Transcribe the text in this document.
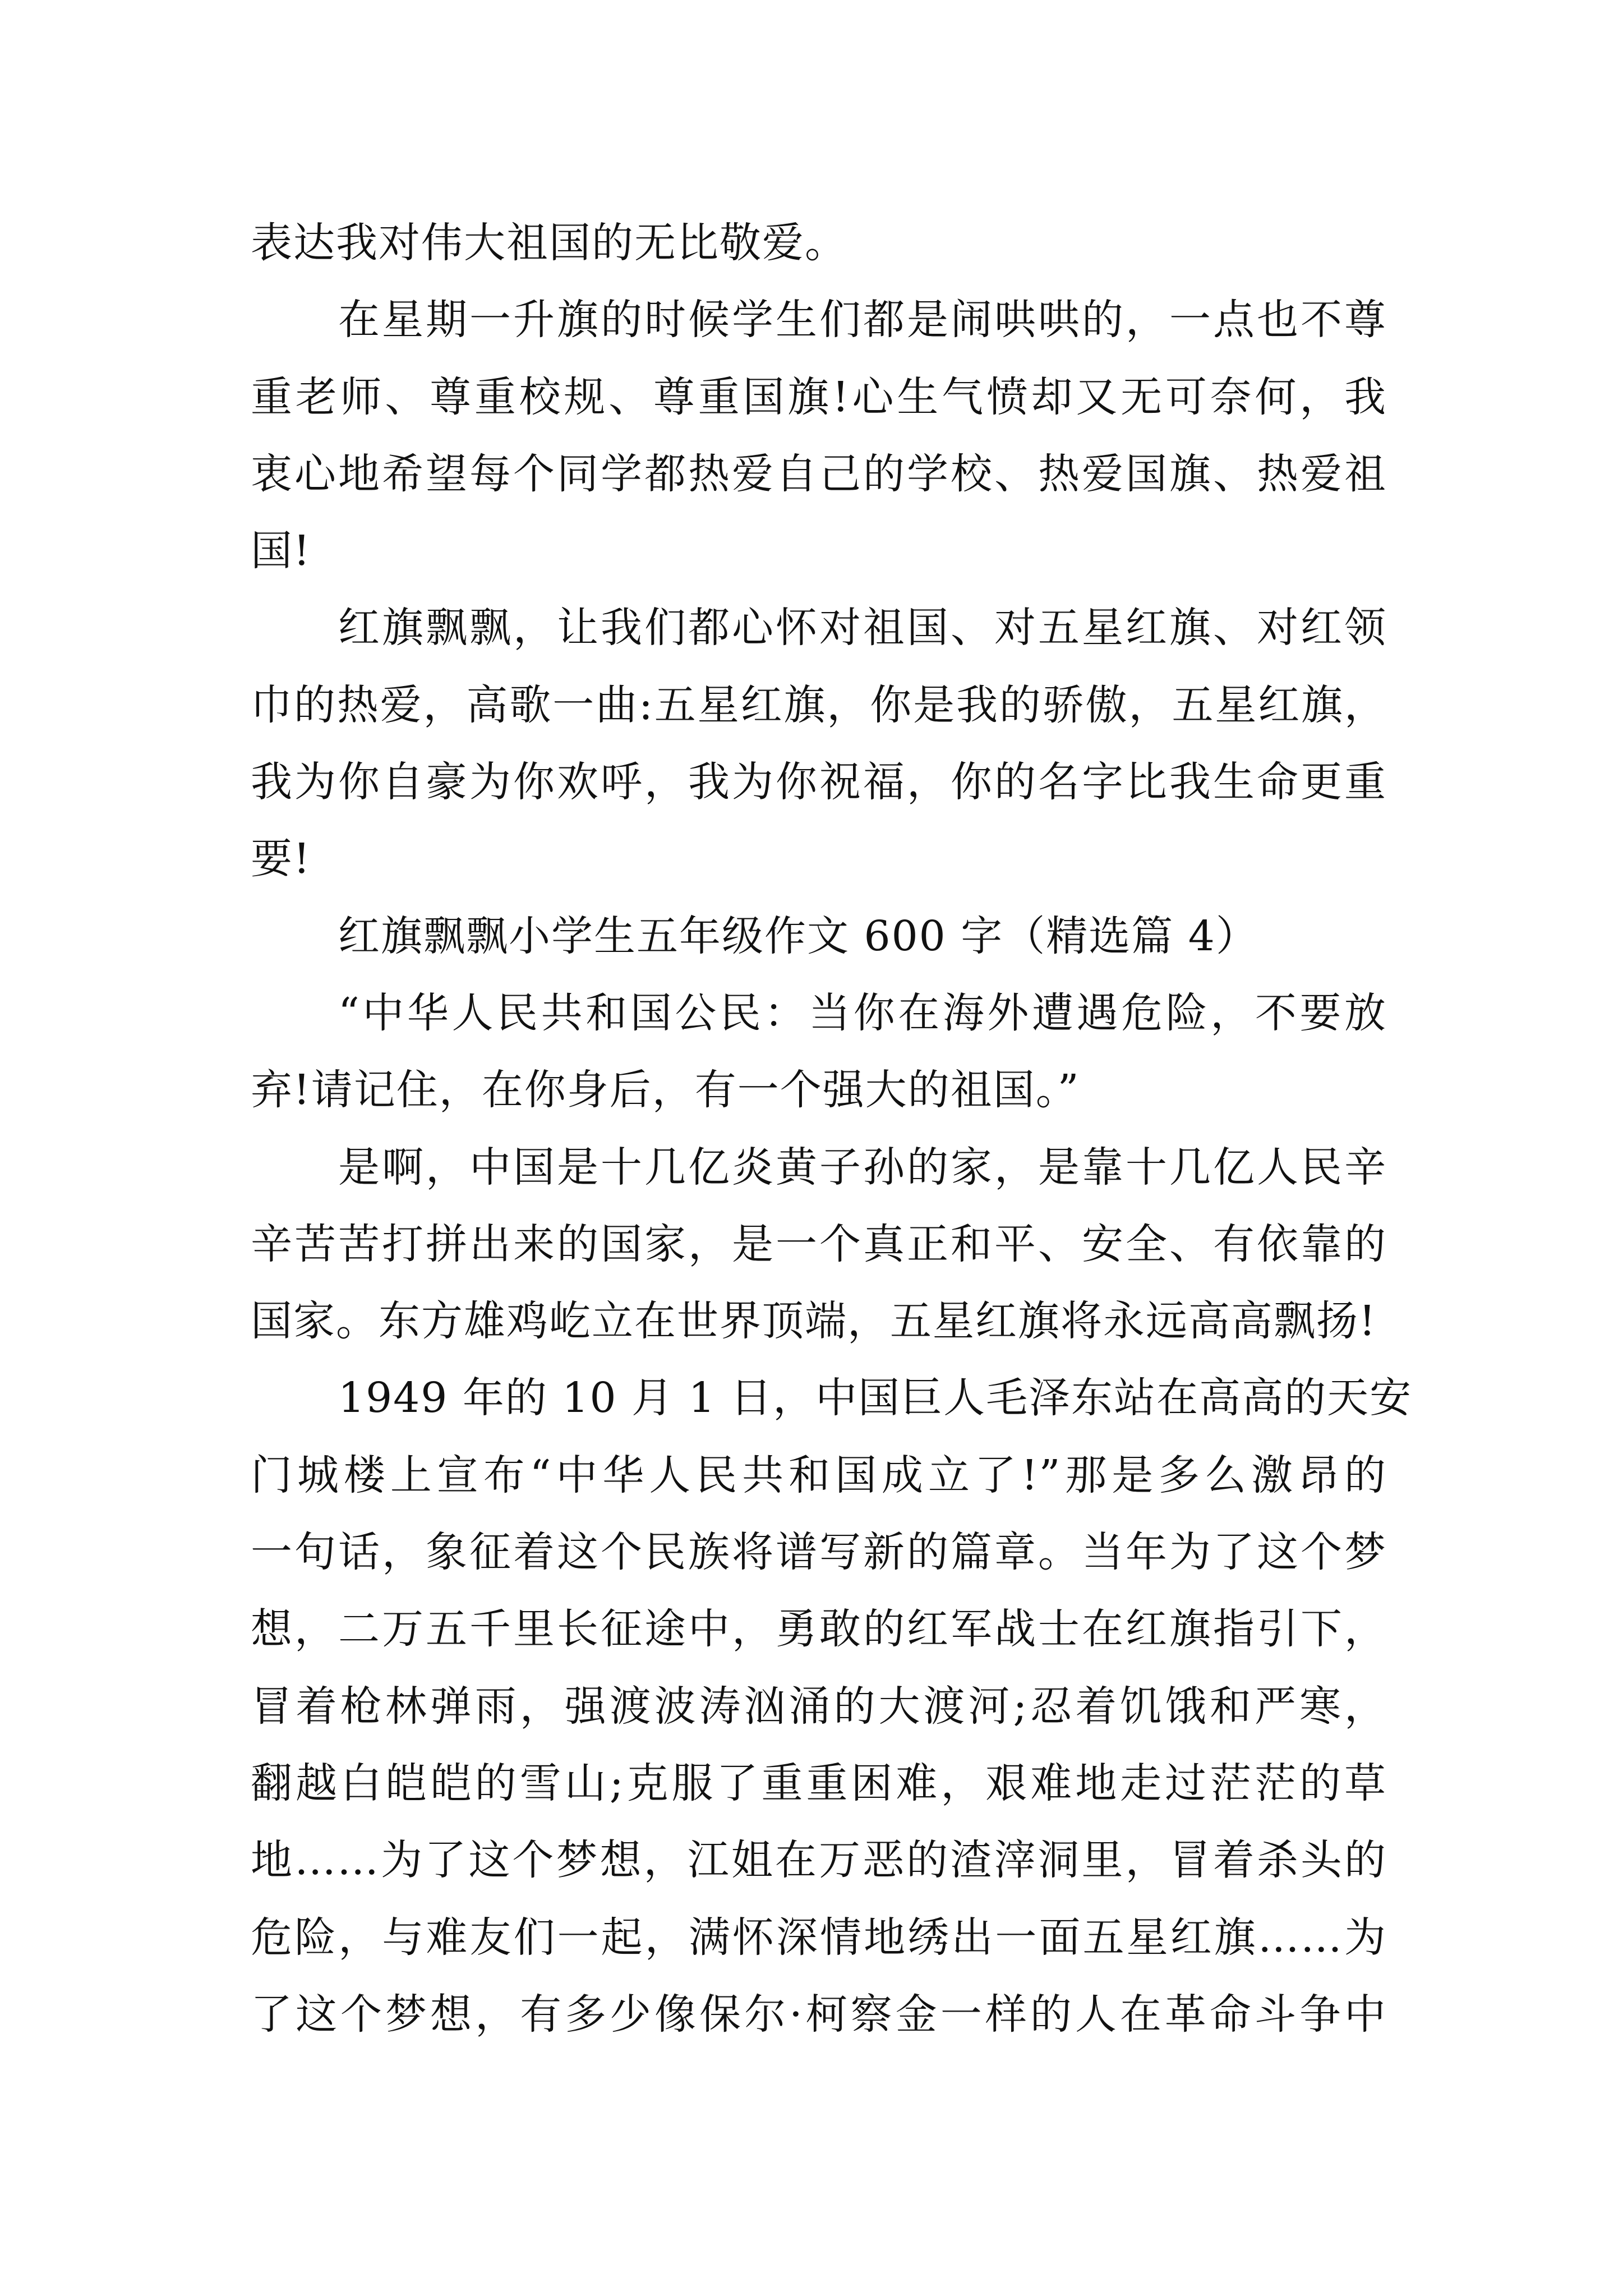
表达我对伟大祖国的无比敬爱。
在星期一升旗的时候学生们都是闹哄哄的，一点也不尊
重老师、尊重校规、尊重国旗!心生气愤却又无可奈何，我
衷心地希望每个同学都热爱自己的学校、热爱国旗、热爱祖
国!
红旗飘飘，让我们都心怀对祖国、对五星红旗、对红领
巾的热爱，高歌一曲:五星红旗，你是我的骄傲，五星红旗，
我为你自豪为你欢呼，我为你祝福，你的名字比我生命更重
要!
红旗飘飘小学生五年级作文 600 字（精选篇 4）
“中华人民共和国公民：当你在海外遭遇危险，不要放
弃!请记住，在你身后，有一个强大的祖国。”
是啊，中国是十几亿炎黄子孙的家，是靠十几亿人民辛
辛苦苦打拼出来的国家，是一个真正和平、安全、有依靠的
国家。东方雄鸡屹立在世界顶端，五星红旗将永远高高飘扬!
1949 年的 10 月 1 日，中国巨人毛泽东站在高高的天安
门城楼上宣布“中华人民共和国成立了!”那是多么激昂的
一句话，象征着这个民族将谱写新的篇章。当年为了这个梦
想，二万五千里长征途中，勇敢的红军战士在红旗指引下，
冒着枪林弹雨，强渡波涛汹涌的大渡河;忍着饥饿和严寒，
翻越白皑皑的雪山;克服了重重困难，艰难地走过茫茫的草
地……为了这个梦想，江姐在万恶的渣滓洞里，冒着杀头的
危险，与难友们一起，满怀深情地绣出一面五星红旗……为
了这个梦想，有多少像保尔·柯察金一样的人在革命斗争中
